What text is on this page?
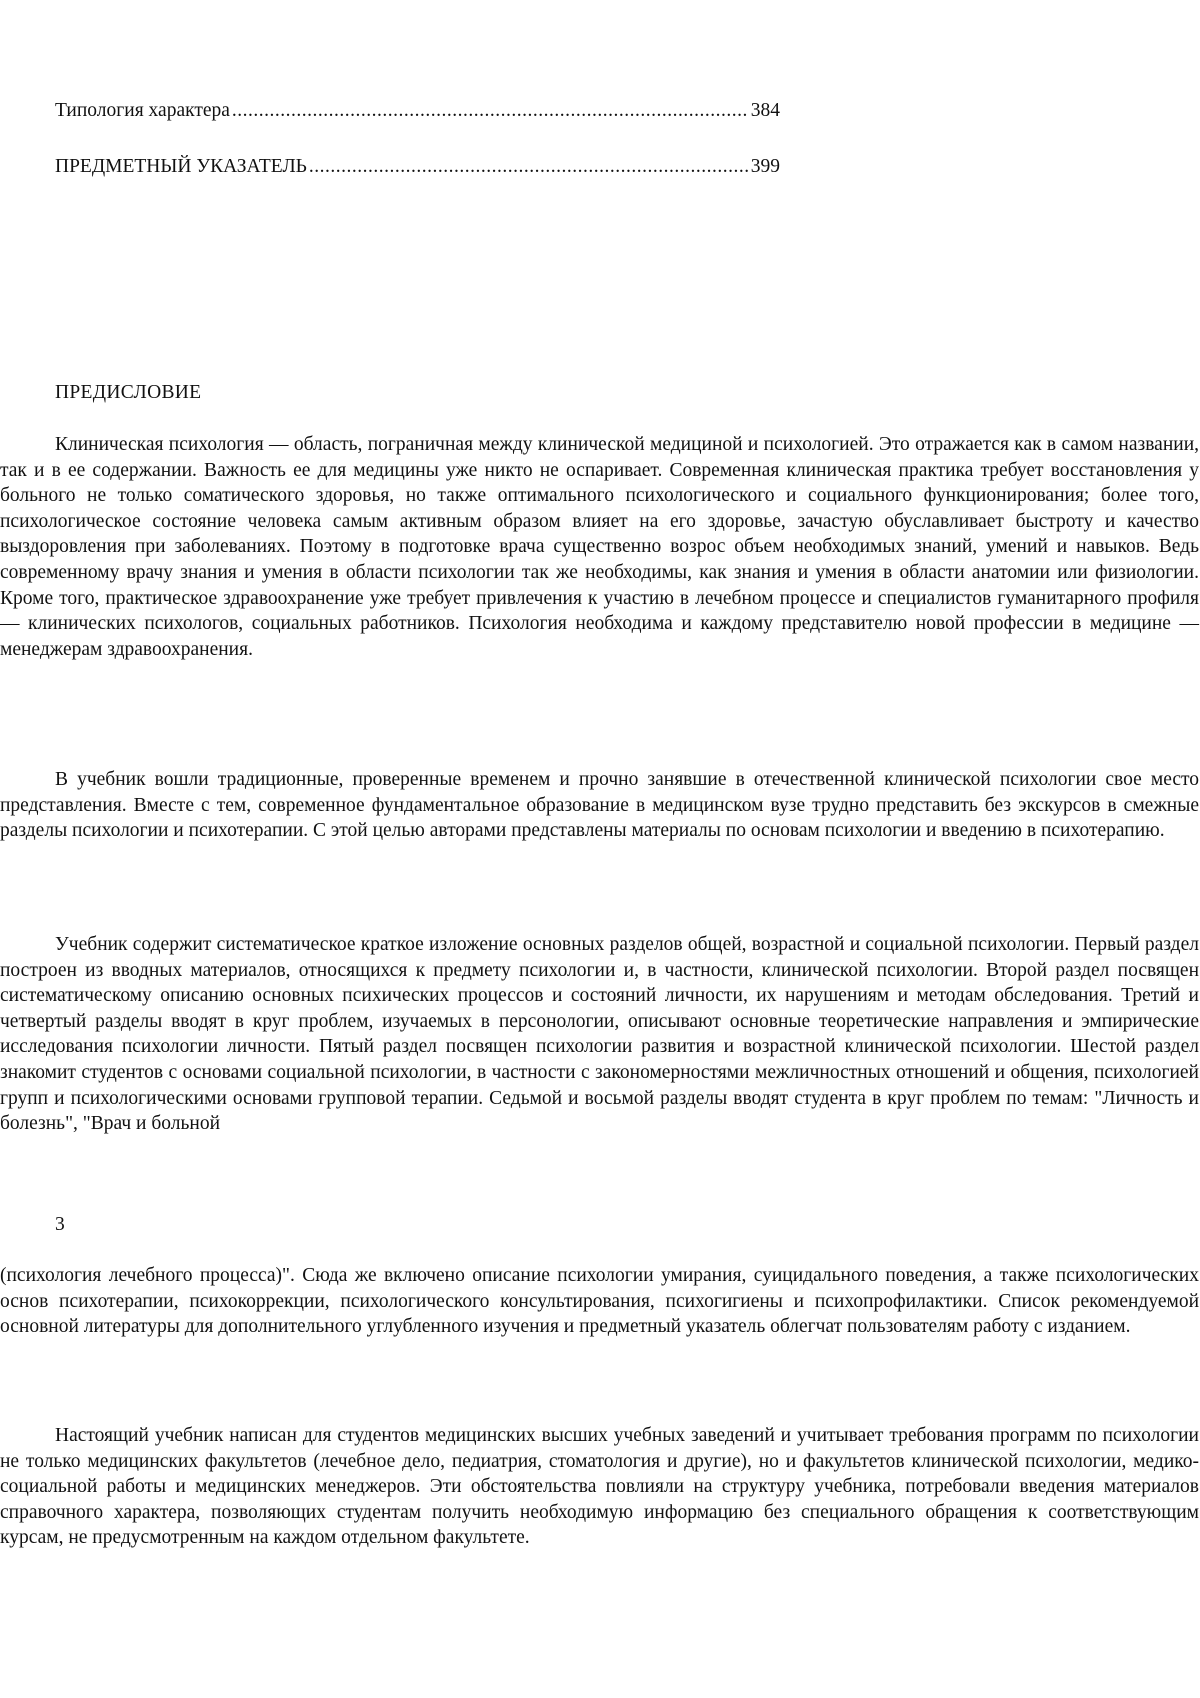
Типология характера .....	384
ПРЕДМЕТНЫЙ УКАЗАТЕЛЬ .....	399
ПРЕДИСЛОВИЕ

Клиническая психология — область, пограничная между клинической медициной и психологией. Это отражается как в самом названии, так и в ее содержании. Важность ее для медицины уже никто не оспаривает. Современная клиническая практика требует восстановления у больного не только соматического здоровья, но также оптимального психологического и социального функционирования; более того, психологическое состояние человека самым активным образом влияет на его здоровье, зачастую обуславливает быстроту и качество выздоровления при заболеваниях. Поэтому в подготовке врача существенно возрос объем необходимых знаний, умений и навыков. Ведь современному врачу знания и умения в области психологии так же необходимы, как знания и умения в области анатомии или физиологии. Кроме того, практическое здравоохранение уже требует привлечения к участию в лечебном процессе и специалистов гуманитарного профиля — клинических психологов, социальных работников. Психология необходима и каждому представителю новой профессии в медицине — менеджерам здравоохранения.

В учебник вошли традиционные, проверенные временем и прочно занявшие в отечественной клинической психологии свое место представления. Вместе с тем, современное фундаментальное образование в медицинском вузе трудно представить без экскурсов в смежные разделы психологии и психотерапии. С этой целью авторами представлены материалы по основам психологии и введению в психотерапию.

Учебник содержит систематическое краткое изложение основных разделов общей, возрастной и социальной психологии. Первый раздел построен из вводных материалов, относящихся к предмету психологии и, в частности, клинической психологии. Второй раздел посвящен систематическому описанию основных психических процессов и состояний личности, их нарушениям и методам обследования. Третий и четвертый разделы вводят в круг проблем, изучаемых в персонологии, описывают основные теоретические направления и эмпирические исследования психологии личности. Пятый раздел посвящен психологии развития и возрастной клинической психологии. Шестой раздел знакомит студентов с основами социальной психологии, в частности с закономерностями межличностных отношений и общения, психологией групп и психологическими основами групповой терапии. Седьмой и восьмой разделы вводят студента в круг проблем по темам: "Личность и болезнь", "Врач и больной

3

(психология лечебного процесса)". Сюда же включено описание психологии умирания, суицидального поведения, а также психологических основ психотерапии, психокоррекции, психологического консультирования, психогигиены и психопрофилактики. Список рекомендуемой основной литературы для дополнительного углубленного изучения и предметный указатель облегчат пользователям работу с изданием.

Настоящий учебник написан для студентов медицинских высших учебных заведений и учитывает требования программ по психологии не только медицинских факультетов (лечебное дело, педиатрия, стоматология и другие), но и факультетов клинической психологии, медико-социальной работы и медицинских менеджеров. Эти обстоятельства повлияли на структуру учебника, потребовали введения материалов справочного характера, позволяющих студентам получить необходимую информацию без специального обращения к соответствующим курсам, не предусмотренным на каждом отдельном факультете.
